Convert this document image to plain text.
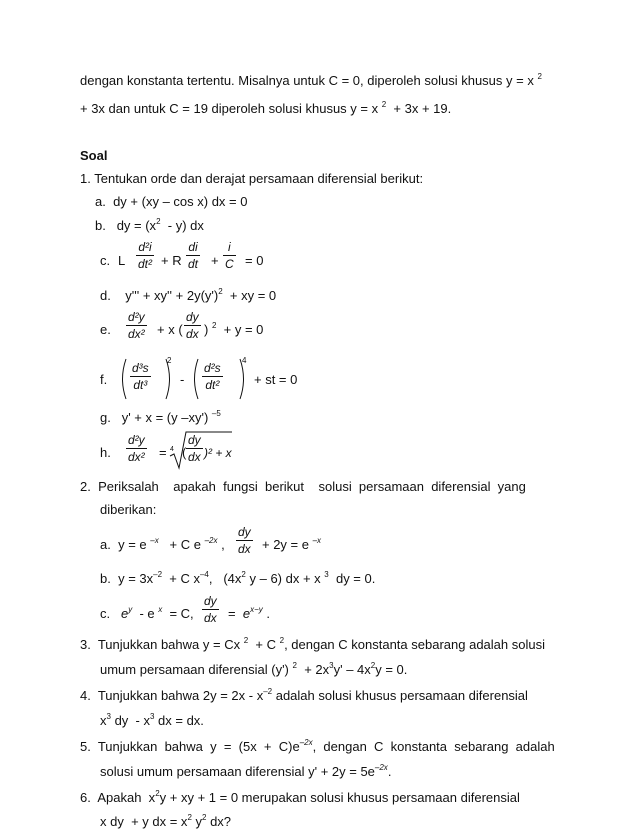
dengan konstanta tertentu. Misalnya untuk C = 0, diperoleh solusi khusus y = x $^2$
+ 3x dan untuk C = 19 diperoleh solusi khusus y = x $^2$ + 3x + 19.
Soal
1. Tentukan orde dan derajat persamaan diferensial berikut:
a. dy + (xy – cos x) dx = 0
b. dy = $(x^2 - y)$ dx
c. L
d²i
dt² + R
di
dt +
i
C = 0
d. $y''' + xy'' + 2y(y')^2$ + xy = 0
e.
d²y
dx² + x (
dy
dx ) $^2$ + y = 0
f.
d³s
dt³
2
-
d²s
dt²
4
+ st = 0
g. y' + x = (y –xy') $^{-5}$
h.
d²y
dx² = 4 (
dy
dx )² + x
2. Periksalah    apakah  fungsi  berikut    solusi  persamaan  diferensial  yang
diberikan:
a. y = e $^{-x}$ + C e $^{-2x}$ ,
dy
dx + 2y = e $^{-x}$
b. $y = 3x^{-2} + C$ $x^{-4}$,   ($4x^2$ y – 6) dx + x $^3$ dy = 0.
c. $e^y$ - e $^x$ = C,
dy
dx = $e^{x-y}$ .
3. Tunjukkan bahwa y = Cx $^2$ + C $^2$, dengan C konstanta sebarang adalah solusi
umum persamaan diferensial (y') $^2 + 2x^3y' - 4x^2y = 0$.
4. Tunjukkan bahwa $2y = 2x - x^{-2}$ adalah solusi khusus persamaan diferensial
$x^3$ dy  - $x^3$ dx = dx.
5. Tunjukkan  bahwa  $y = (5x + C)e^{-2x}$,  dengan  C  konstanta  sebarang  adalah
solusi umum persamaan diferensial $y' + 2y = 5e^{-2x}$.
6. Apakah  $x^2y$ + xy + 1 = 0 merupakan solusi khusus persamaan diferensial
x dy  + y dx = $x^2$ $y^2$ dx?
